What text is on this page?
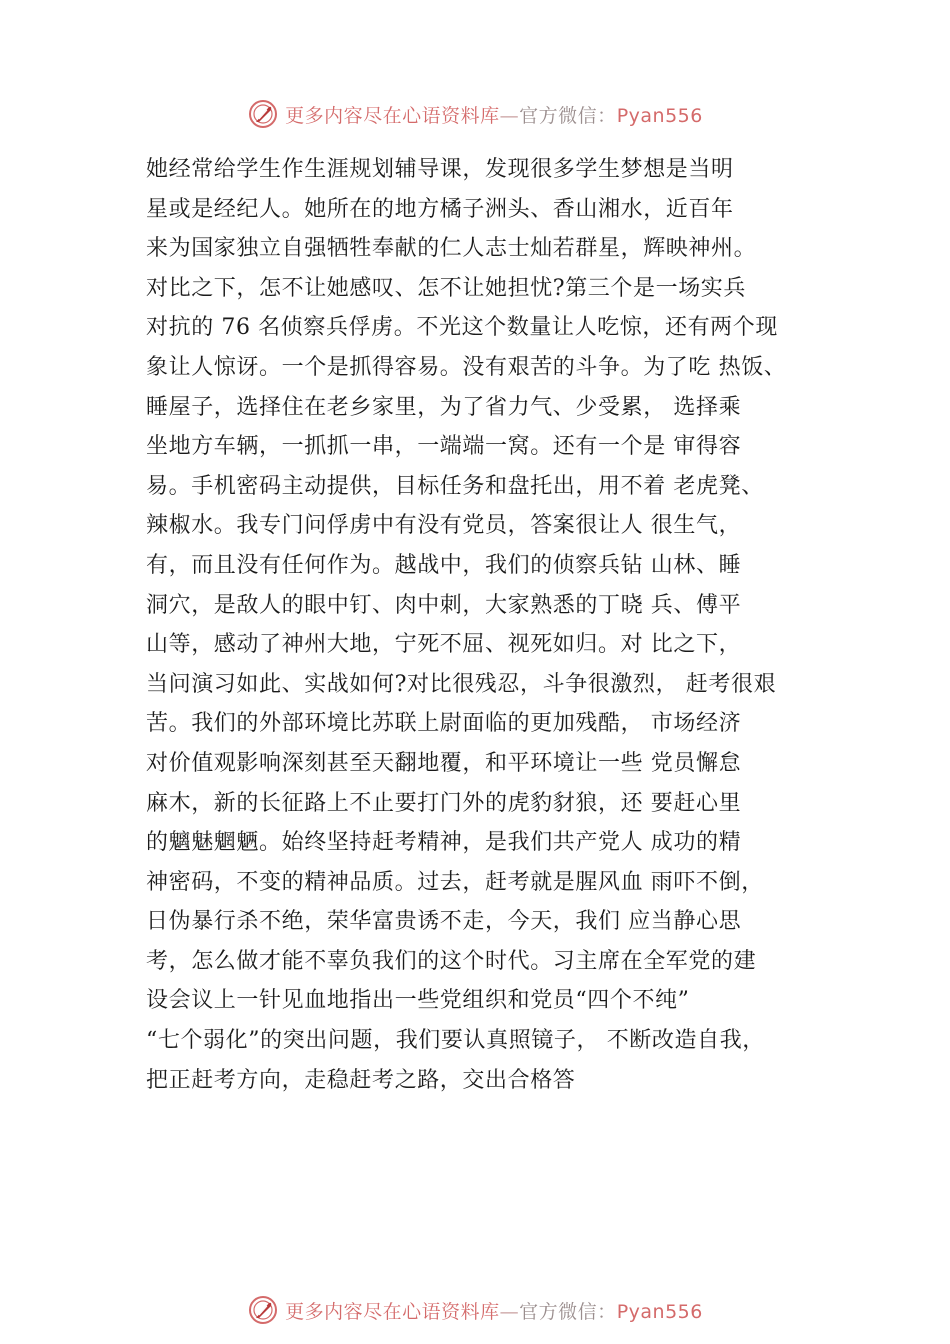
更多内容尽在心语资料库—官方微信：Pyan556
她经常给学生作生涯规划辅导课，发现很多学生梦想是当明
星或是经纪人。她所在的地方橘子洲头、香山湘水，近百年
来为国家独立自强牺牲奉献的仁人志士灿若群星，辉映神州。
对比之下，怎不让她感叹、怎不让她担忧?第三个是一场实兵
对抗的 76 名侦察兵俘虏。不光这个数量让人吃惊，还有两个现
象让人惊讶。一个是抓得容易。没有艰苦的斗争。为了吃 热饭、
睡屋子，选择住在老乡家里，为了省力气、少受累， 选择乘
坐地方车辆，一抓抓一串，一端端一窝。还有一个是 审得容
易。手机密码主动提供，目标任务和盘托出，用不着 老虎凳、
辣椒水。我专门问俘虏中有没有党员，答案很让人 很生气，
有，而且没有任何作为。越战中，我们的侦察兵钻 山林、睡
洞穴，是敌人的眼中钉、肉中刺，大家熟悉的丁晓 兵、傅平
山等，感动了神州大地，宁死不屈、视死如归。对 比之下，
当问演习如此、实战如何?对比很残忍，斗争很激烈， 赶考很艰
苦。我们的外部环境比苏联上尉面临的更加残酷， 市场经济
对价值观影响深刻甚至天翻地覆，和平环境让一些 党员懈怠
麻木，新的长征路上不止要打门外的虎豹豺狼，还 要赶心里
的魑魅魍魉。始终坚持赶考精神，是我们共产党人 成功的精
神密码，不变的精神品质。过去，赶考就是腥风血 雨吓不倒，
日伪暴行杀不绝，荣华富贵诱不走，今天，我们 应当静心思
考，怎么做才能不辜负我们的这个时代。习主席在全军党的建
设会议上一针见血地指出一些党组织和党员“四个不纯”
“七个弱化”的突出问题，我们要认真照镜子， 不断改造自我，
把正赶考方向，走稳赶考之路，交出合格答
更多内容尽在心语资料库—官方微信：Pyan556
